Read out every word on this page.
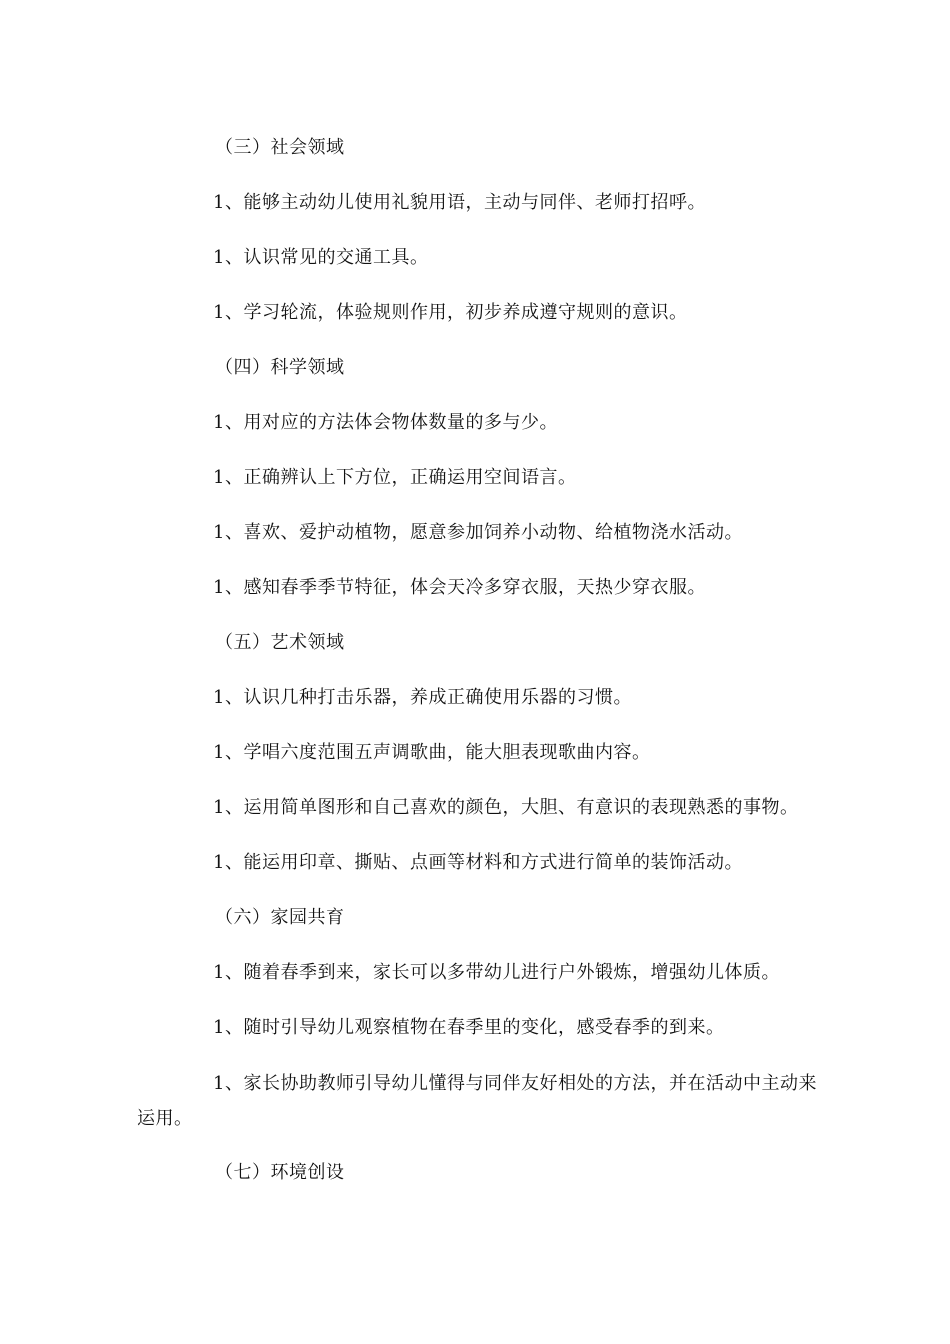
（三）社会领域
1、能够主动幼儿使用礼貌用语，主动与同伴、老师打招呼。
1、认识常见的交通工具。
1、学习轮流，体验规则作用，初步养成遵守规则的意识。
（四）科学领域
1、用对应的方法体会物体数量的多与少。
1、正确辨认上下方位，正确运用空间语言。
1、喜欢、爱护动植物，愿意参加饲养小动物、给植物浇水活动。
1、感知春季季节特征，体会天冷多穿衣服，天热少穿衣服。
（五）艺术领域
1、认识几种打击乐器，养成正确使用乐器的习惯。
1、学唱六度范围五声调歌曲，能大胆表现歌曲内容。
1、运用简单图形和自己喜欢的颜色，大胆、有意识的表现熟悉的事物。
1、能运用印章、撕贴、点画等材料和方式进行简单的装饰活动。
（六）家园共育
1、随着春季到来，家长可以多带幼儿进行户外锻炼，增强幼儿体质。
1、随时引导幼儿观察植物在春季里的变化，感受春季的到来。
1、家长协助教师引导幼儿懂得与同伴友好相处的方法，并在活动中主动来运用。
（七）环境创设
